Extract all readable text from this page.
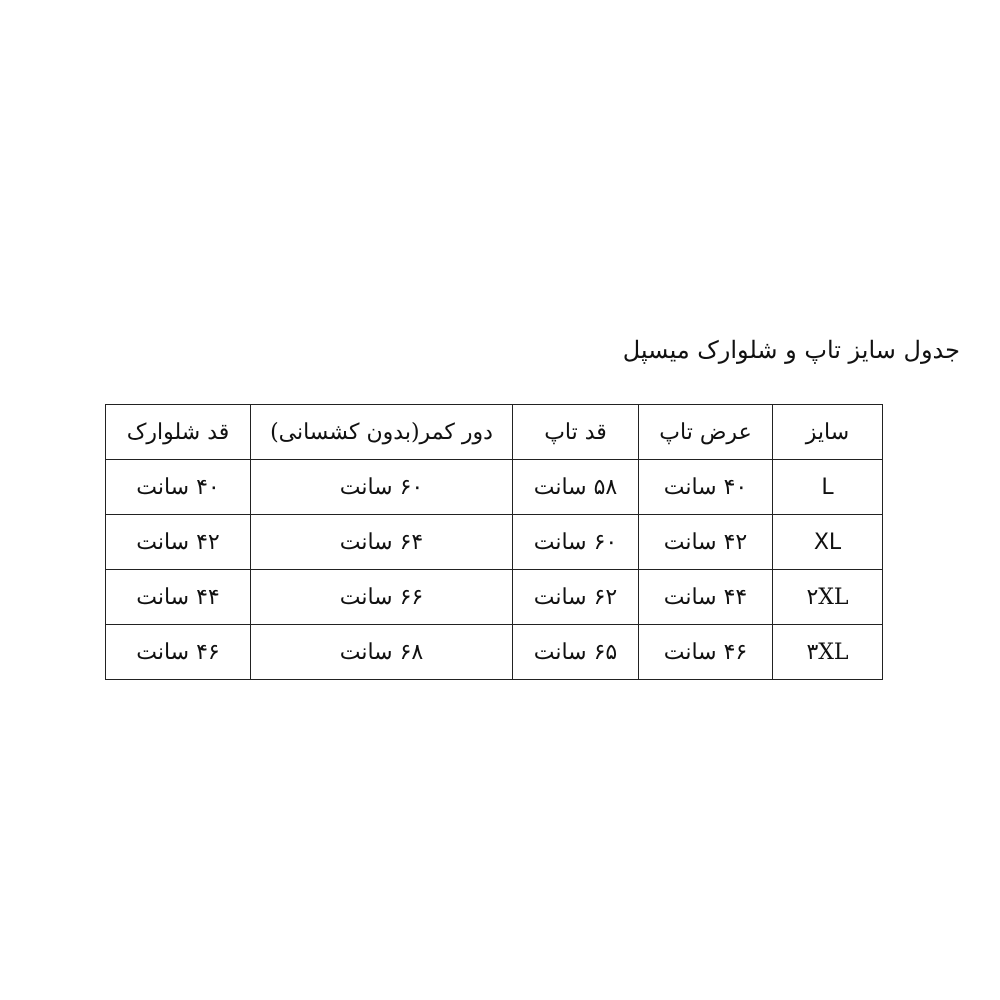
جدول سایز تاپ و شلوارک میسپل
سایز	عرض تاپ	قد تاپ	دور کمر(بدون کشسانی)	قد شلوارک
L	۴۰ سانت	۵۸ سانت	۶۰ سانت	۴۰ سانت
XL	۴۲ سانت	۶۰ سانت	۶۴ سانت	۴۲ سانت
۲XL	۴۴ سانت	۶۲ سانت	۶۶ سانت	۴۴ سانت
۳XL	۴۶ سانت	۶۵ سانت	۶۸ سانت	۴۶ سانت
